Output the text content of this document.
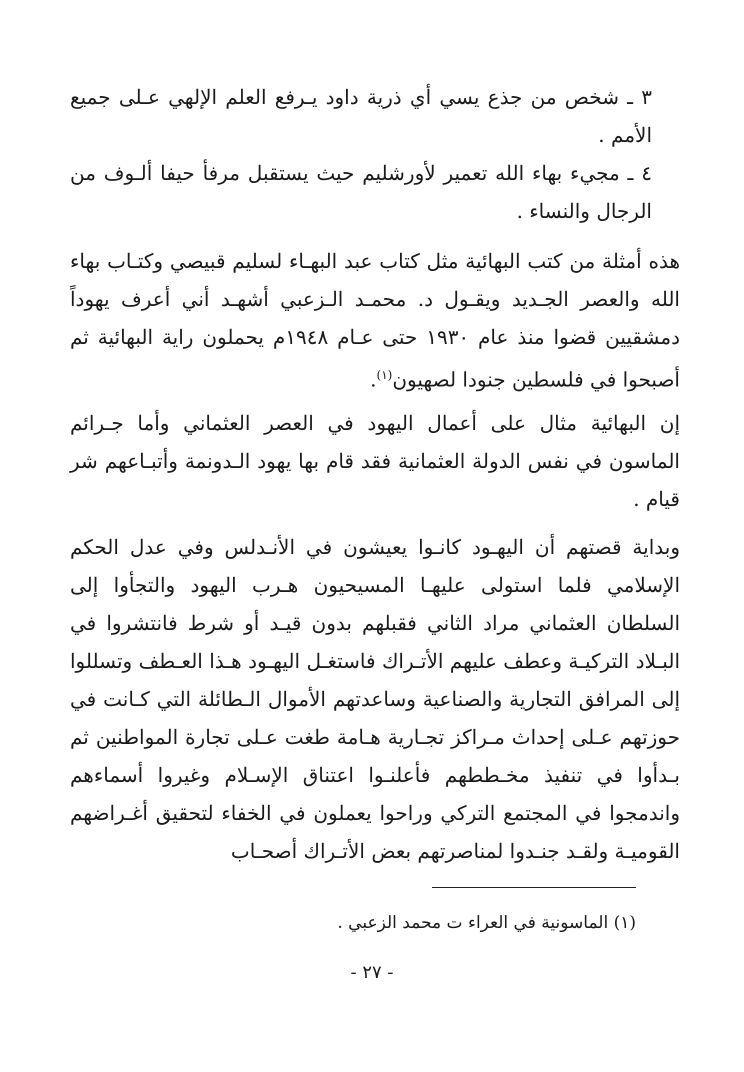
٣ ـ شخص من جذع يسي أي ذرية داود يـرفع العلم الإلهي عـلى جميع الأمم .
٤ ـ مجيء بهاء الله تعمير لأورشليم حيث يستقبل مرفأ حيفا ألـوف من الرجال والنساء .
هذه أمثلة من كتب البهائية مثل كتاب عبد البهـاء لسليم قبيصي وكتـاب بهاء الله والعصر الجـديد ويقـول د. محمـد الـزعبي أشهـد أني أعرف يهوداً دمشقيين قضوا منذ عام ١٩٣٠ حتى عـام ١٩٤٨م يحملون راية البهائية ثم أصبحوا في فلسطين جنودا لصهيون$^{(١)}$.
إن البهائية مثال على أعمال اليهود في العصر العثماني وأما جـرائم الماسون في نفس الدولة العثمانية فقد قام بها يهود الـدونمة وأتبـاعهم شر قيام .
وبداية قصتهم أن اليهـود كانـوا يعيشون في الأنـدلس وفي عدل الحكم الإسلامي فلما استولى عليهـا المسيحيون هـرب اليهود والتجأوا إلى السلطان العثماني مراد الثاني فقبلهم بدون قيـد أو شرط فانتشروا في البـلاد التركيـة وعطف عليهم الأتـراك فاستغـل اليهـود هـذا العـطف وتسللوا إلى المرافق التجارية والصناعية وساعدتهم الأموال الـطائلة التي كـانت في حوزتهم عـلى إحداث مـراكز تجـارية هـامة طغت عـلى تجارة المواطنين ثم بـدأوا في تنفيذ مخـططهم فأعلنـوا اعتناق الإسـلام وغيروا أسماءهم واندمجوا في المجتمع التركي وراحوا يعملون في الخفاء لتحقيق أغـراضهم القوميـة ولقـد جنـدوا لمناصرتهم بعض الأتـراك أصحـاب
(١) الماسونية في العراء ت محمد الزعبي .
- ٢٧ -
